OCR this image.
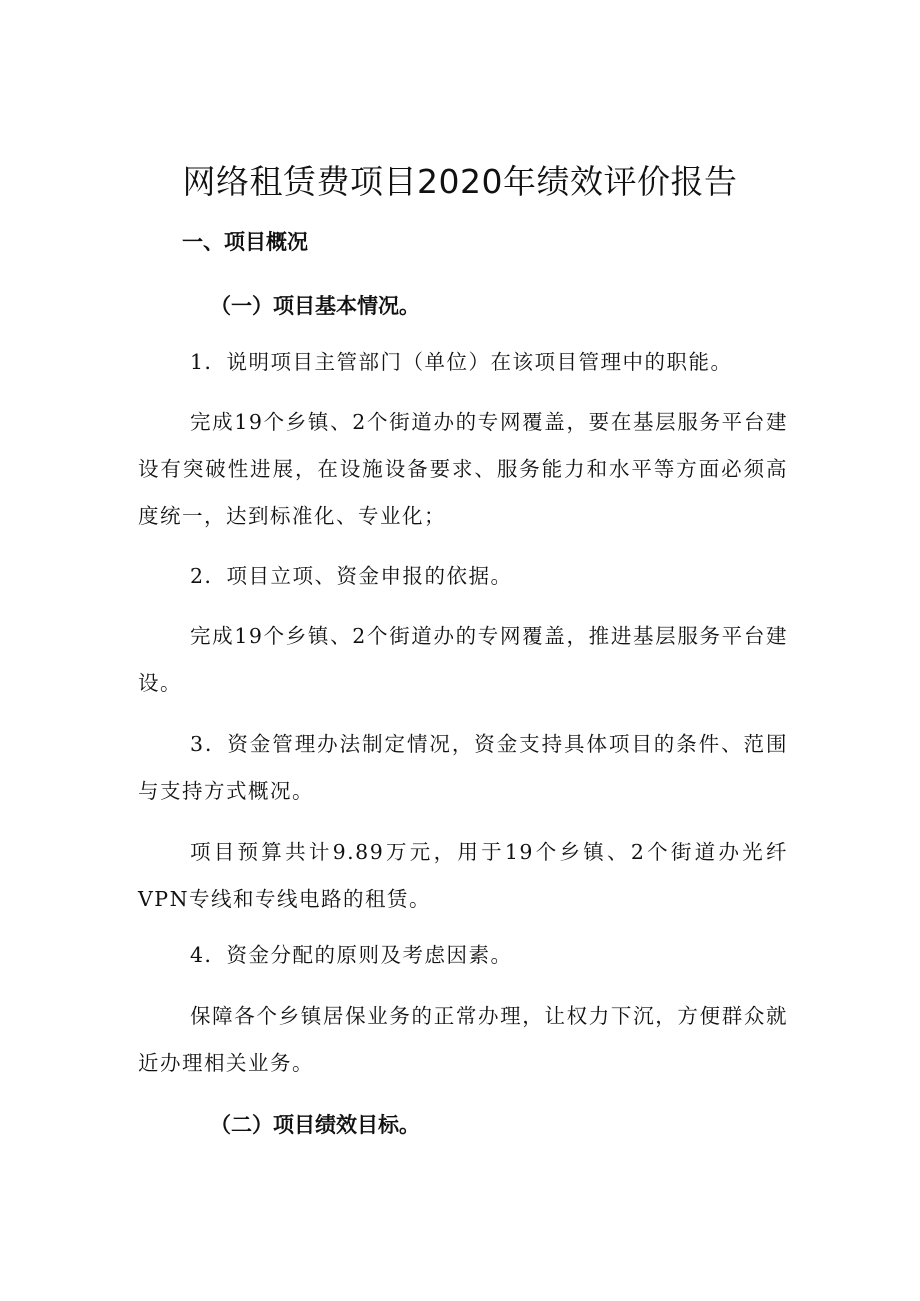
网络租赁费项目2020年绩效评价报告
一、项目概况
（一）项目基本情况。

1．说明项目主管部门（单位）在该项目管理中的职能。

完成19个乡镇、2个街道办的专网覆盖，要在基层服务平台建设有突破性进展，在设施设备要求、服务能力和水平等方面必须高度统一，达到标准化、专业化；

2．项目立项、资金申报的依据。

完成19个乡镇、2个街道办的专网覆盖，推进基层服务平台建设。

3．资金管理办法制定情况，资金支持具体项目的条件、范围与支持方式概况。

项目预算共计9.89万元，用于19个乡镇、2个街道办光纤VPN专线和专线电路的租赁。

4．资金分配的原则及考虑因素。

保障各个乡镇居保业务的正常办理，让权力下沉，方便群众就近办理相关业务。

（二）项目绩效目标。
